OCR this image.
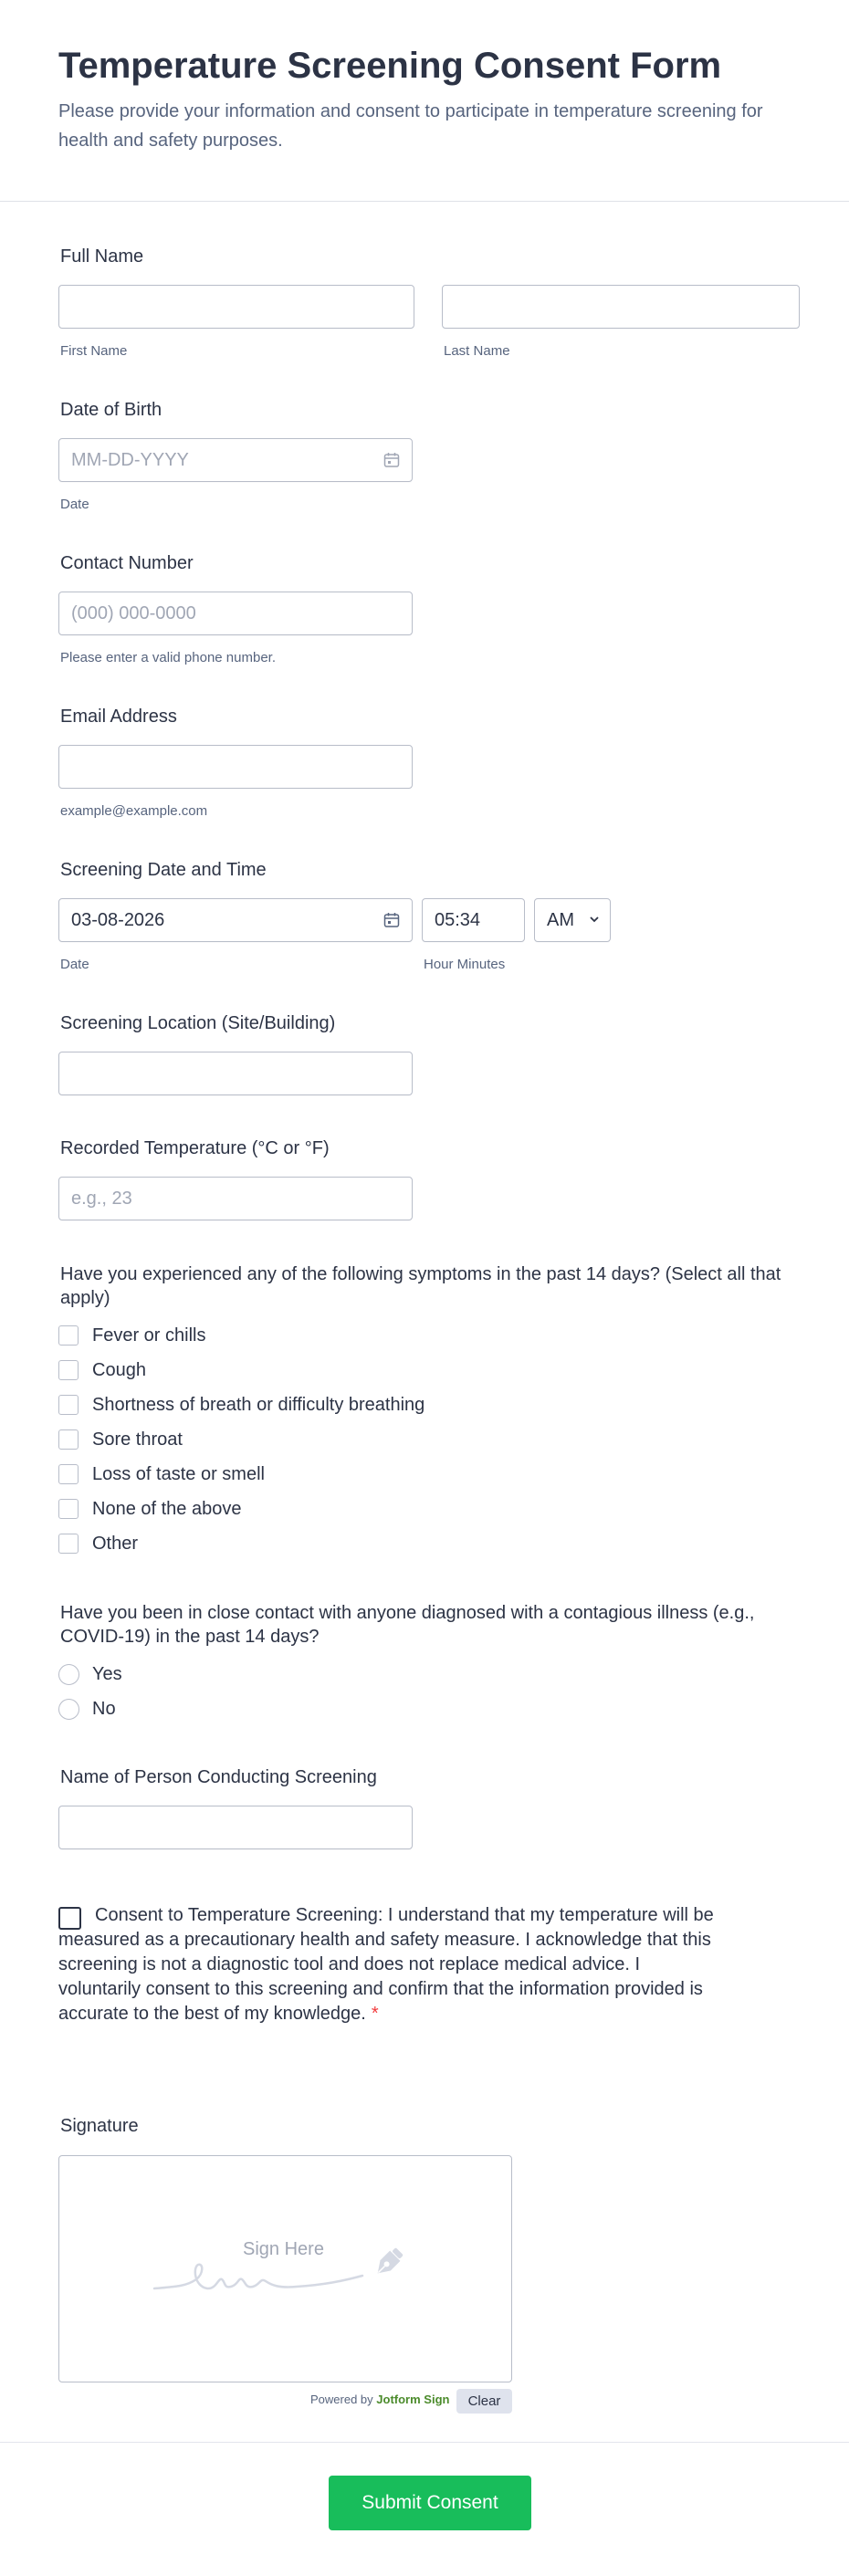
Temperature Screening Consent Form

Please provide your information and consent to participate in temperature screening for health and safety purposes.

Full Name
First Name	Last Name
Date of Birth
MM-DD-YYYY
Date
Contact Number
(000) 000-0000
Please enter a valid phone number.
Email Address
example@example.com
Screening Date and Time
03-08-2026	05:34	AM
Date	Hour Minutes
Screening Location (Site/Building)
Recorded Temperature (°C or °F)
e.g., 23
Have you experienced any of the following symptoms in the past 14 days? (Select all that apply)
Fever or chills
Cough
Shortness of breath or difficulty breathing
Sore throat
Loss of taste or smell
None of the above
Other
Have you been in close contact with anyone diagnosed with a contagious illness (e.g., COVID-19) in the past 14 days?
Yes
No
Name of Person Conducting Screening
Consent to Temperature Screening: I understand that my temperature will be measured as a precautionary health and safety measure. I acknowledge that this screening is not a diagnostic tool and does not replace medical advice. I voluntarily consent to this screening and confirm that the information provided is accurate to the best of my knowledge. *
Signature
Sign Here
Powered by Jotform Sign	Clear
Submit Consent
